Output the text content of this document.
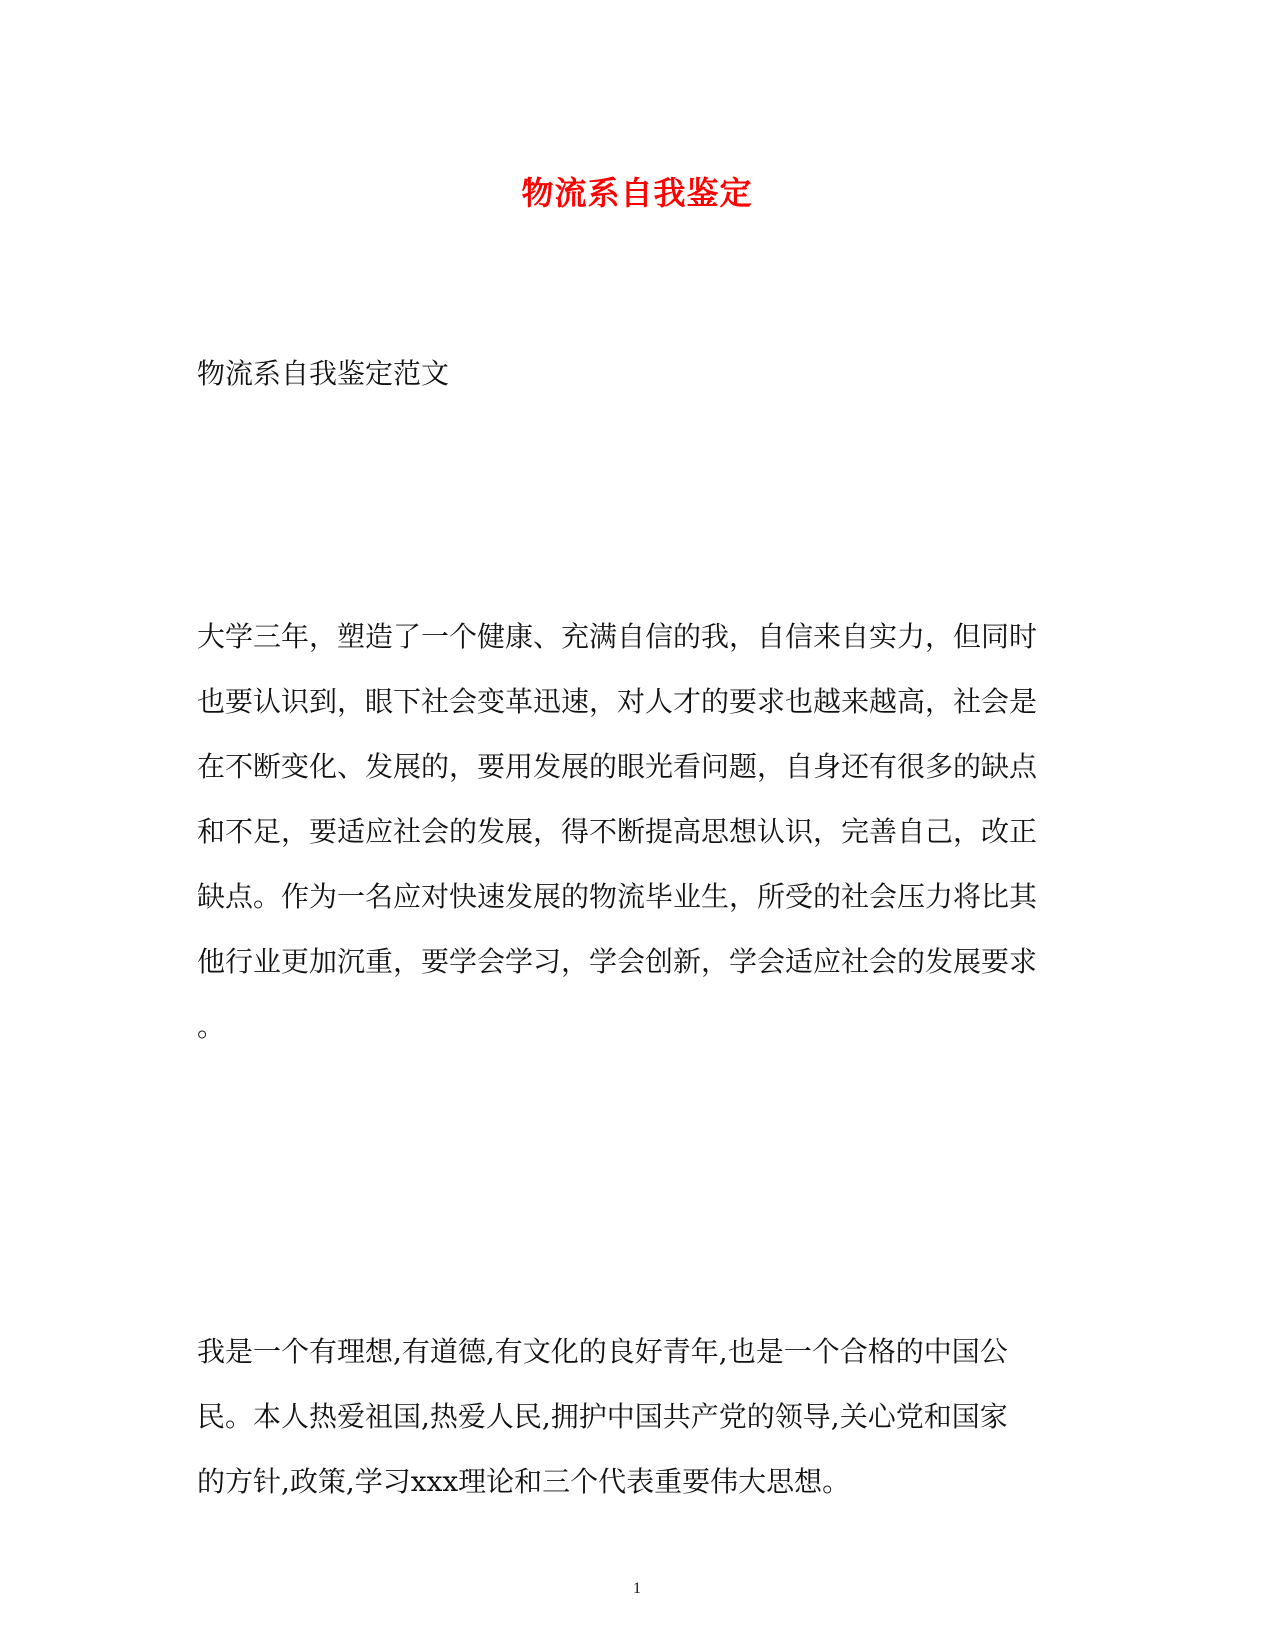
物流系自我鉴定
物流系自我鉴定范文
大学三年，塑造了一个健康、充满自信的我，自信来自实力，但同时
也要认识到，眼下社会变革迅速，对人才的要求也越来越高，社会是
在不断变化、发展的，要用发展的眼光看问题，自身还有很多的缺点
和不足，要适应社会的发展，得不断提高思想认识，完善自己，改正
缺点。作为一名应对快速发展的物流毕业生，所受的社会压力将比其
他行业更加沉重，要学会学习，学会创新，学会适应社会的发展要求
。
我是一个有理想,有道德,有文化的良好青年,也是一个合格的中国公
民。本人热爱祖国,热爱人民,拥护中国共产党的领导,关心党和国家
的方针,政策,学习xxx理论和三个代表重要伟大思想。
1
